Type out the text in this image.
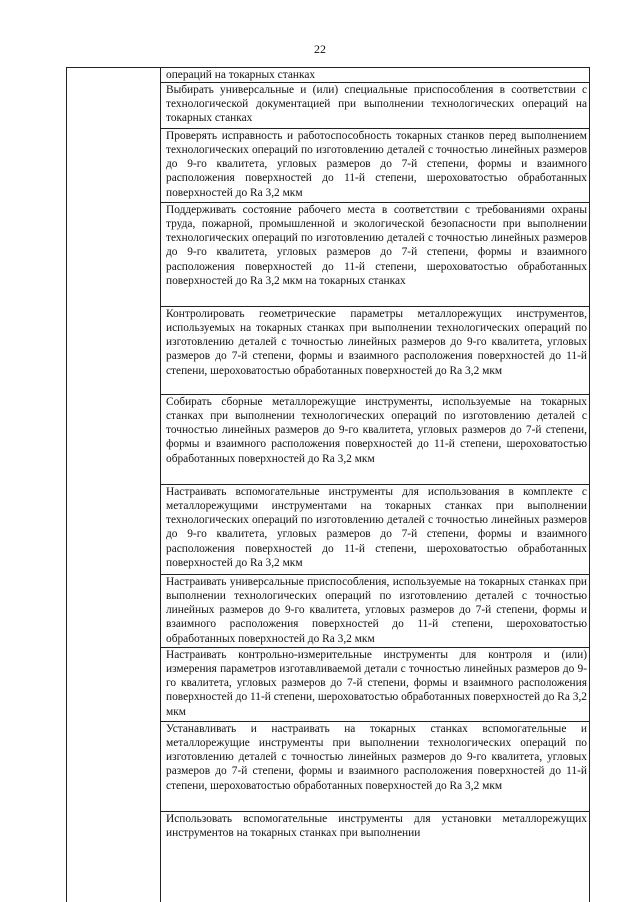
22
операций на токарных станках
Выбирать универсальные и (или) специальные приспособления в соответствии с технологической документацией при выполнении технологических операций на токарных станках
Проверять исправность и работоспособность токарных станков перед выполнением технологических операций по изготовлению деталей с точностью линейных размеров до 9-го квалитета, угловых размеров до 7-й степени, формы и взаимного расположения поверхностей до 11-й степени, шероховатостью обработанных поверхностей до Ra 3,2 мкм
Поддерживать состояние рабочего места в соответствии с требованиями охраны труда, пожарной, промышленной и экологической безопасности при выполнении технологических операций по изготовлению деталей с точностью линейных размеров до 9-го квалитета, угловых размеров до 7-й степени, формы и взаимного расположения поверхностей до 11-й степени, шероховатостью обработанных поверхностей до Ra 3,2 мкм на токарных станках
Контролировать геометрические параметры металлорежущих инструментов, используемых на токарных станках при выполнении технологических операций по изготовлению деталей с точностью линейных размеров до 9-го квалитета, угловых размеров до 7-й степени, формы и взаимного расположения поверхностей до 11-й степени, шероховатостью обработанных поверхностей до Ra 3,2 мкм
Собирать сборные металлорежущие инструменты, используемые на токарных станках при выполнении технологических операций по изготовлению деталей с точностью линейных размеров до 9-го квалитета, угловых размеров до 7-й степени, формы и взаимного расположения поверхностей до 11-й степени, шероховатостью обработанных поверхностей до Ra 3,2 мкм
Настраивать вспомогательные инструменты для использования в комплекте с металлорежущими инструментами на токарных станках при выполнении технологических операций по изготовлению деталей с точностью линейных размеров до 9-го квалитета, угловых размеров до 7-й степени, формы и взаимного расположения поверхностей до 11-й степени, шероховатостью обработанных поверхностей до Ra 3,2 мкм
Настраивать универсальные приспособления, используемые на токарных станках при выполнении технологических операций по изготовлению деталей с точностью линейных размеров до 9-го квалитета, угловых размеров до 7-й степени, формы и взаимного расположения поверхностей до 11-й степени, шероховатостью обработанных поверхностей до Ra 3,2 мкм
Настраивать контрольно-измерительные инструменты для контроля и (или) измерения параметров изготавливаемой детали с точностью линейных размеров до 9-го квалитета, угловых размеров до 7-й степени, формы и взаимного расположения поверхностей до 11-й степени, шероховатостью обработанных поверхностей до Ra 3,2 мкм
Устанавливать и настраивать на токарных станках вспомогательные и металлорежущие инструменты при выполнении технологических операций по изготовлению деталей с точностью линейных размеров до 9-го квалитета, угловых размеров до 7-й степени, формы и взаимного расположения поверхностей до 11-й степени, шероховатостью обработанных поверхностей до Ra 3,2 мкм
Использовать вспомогательные инструменты для установки металлорежущих инструментов на токарных станках при выполнении
